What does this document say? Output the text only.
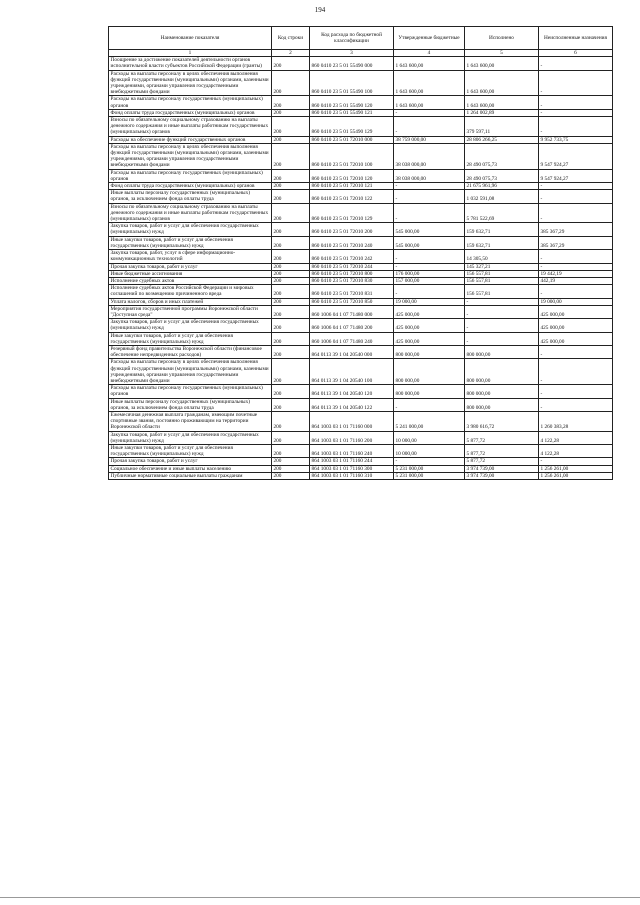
194
Наименование показателя	Код строки	Код расхода по бюджетной классификации	Утвержденные бюджетные	Исполнено	Неисполненные назначения
1	2	3	4	5	6
Поощрение за достижение показателей деятельности органов исполнительной власти субъектов Российской Федерации (гранты)	200	860 0410 23 5 01 55490 000	1 643 600,00	1 643 600,00	-
Расходы на выплаты персоналу в целях обеспечения выполнения функций государственными (муниципальными) органами, казенными учреждениями, органами управления государственными внебюджетными фондами	200	860 0410 23 5 01 55490 100	1 643 600,00	1 643 600,00	-
Расходы на выплаты персоналу государственных (муниципальных) органов	200	860 0410 23 5 01 55490 120	1 643 600,00	1 643 600,00	-
Фонд оплаты труда государственных (муниципальных) органов	200	860 0410 23 5 01 55490 121	-	1 264 002,89	-
Взносы по обязательному социальному страхованию на выплаты денежного содержания и иные выплаты работникам государственных (муниципальных) органов	200	860 0410 23 5 01 55490 129	-	379 597,11	-
Расходы на обеспечение функций государственных органов	200	860 0410 23 5 01 72010 000	38 759 000,00	28 806 266,25	9 952 733,75
Расходы на выплаты персоналу в целях обеспечения выполнения функций государственными (муниципальными) органами, казенными учреждениями, органами управления государственными внебюджетными фондами	200	860 0410 23 5 01 72010 100	38 038 000,00	28 490 075,73	9 547 924,27
Расходы на выплаты персоналу государственных (муниципальных) органов	200	860 0410 23 5 01 72010 120	38 038 000,00	28 490 075,73	9 547 924,27
Фонд оплаты труда государственных (муниципальных) органов	200	860 0410 23 5 01 72010 121	-	21 675 961,96	-
Иные выплаты персоналу государственных (муниципальных) органов, за исключением фонда оплаты труда	200	860 0410 23 5 01 72010 122	-	1 032 591,08	-
Взносы по обязательному социальному страхованию на выплаты денежного содержания и иные выплаты работникам государственных (муниципальных) органов	200	860 0410 23 5 01 72010 129	-	5 781 522,69	-
Закупка товаров, работ и услуг для обеспечения государственных (муниципальных) нужд	200	860 0410 23 5 01 72010 200	545 000,00	159 632,71	385 367,29
Иные закупки товаров, работ и услуг для обеспечения государственных (муниципальных) нужд	200	860 0410 23 5 01 72010 240	545 000,00	159 632,71	385 367,29
Закупка товаров, работ, услуг в сфере информационно-коммуникационных технологий	200	860 0410 23 5 01 72010 242	-	14 305,50	-
Прочая закупка товаров, работ и услуг	200	860 0410 23 5 01 72010 244	-	145 327,21	-
Иные бюджетные ассигнования	200	860 0410 23 5 01 72010 800	176 000,00	156 557,81	19 442,19
Исполнение судебных актов	200	860 0410 23 5 01 72010 830	157 000,00	156 557,81	442,19
Исполнение судебных актов Российской Федерации и мировых соглашений по возмещению причиненного вреда	200	860 0410 23 5 01 72010 831	-	156 557,81	-
Уплата налогов, сборов и иных платежей	200	860 0410 23 5 01 72010 850	19 000,00	-	19 000,00
Мероприятия государственной программы Воронежской области "Доступная среда"	200	860 1006 04 1 07 71480 000	425 000,00	-	425 000,00
Закупка товаров, работ и услуг для обеспечения государственных (муниципальных) нужд	200	860 1006 04 1 07 71480 200	425 000,00	-	425 000,00
Иные закупки товаров, работ и услуг для обеспечения государственных (муниципальных) нужд	200	860 1006 04 1 07 71480 240	425 000,00	-	425 000,00
Резервный фонд правительства Воронежской области (финансовое обеспечение непредвиденных расходов)	200	864 0113 39 1 04 20540 000	800 000,00	800 000,00	-
Расходы на выплаты персоналу в целях обеспечения выполнения функций государственными (муниципальными) органами, казенными учреждениями, органами управления государственными внебюджетными фондами	200	864 0113 39 1 04 20540 100	800 000,00	800 000,00	-
Расходы на выплаты персоналу государственных (муниципальных) органов	200	864 0113 39 1 04 20540 120	800 000,00	800 000,00	-
Иные выплаты персоналу государственных (муниципальных) органов, за исключением фонда оплаты труда	200	864 0113 39 1 04 20540 122	-	800 000,00	-
Ежемесячная денежная выплата гражданам, имеющим почетные спортивные звания, постоянно проживающим на территории Воронежской области	200	864 1003 03 1 01 71160 000	5 241 000,00	3 980 616,72	1 260 383,28
Закупка товаров, работ и услуг для обеспечения государственных (муниципальных) нужд	200	864 1003 03 1 01 71160 200	10 000,00	5 877,72	4 122,28
Иные закупки товаров, работ и услуг для обеспечения государственных (муниципальных) нужд	200	864 1003 03 1 01 71160 240	10 000,00	5 877,72	4 122,28
Прочая закупка товаров, работ и услуг	200	864 1003 03 1 01 71160 244	-	5 877,72	-
Социальное обеспечение и иные выплаты населению	200	864 1003 03 1 01 71160 300	5 231 000,00	3 974 739,00	1 256 261,00
Публичные нормативные социальные выплаты гражданам	200	864 1003 03 1 01 71160 310	5 231 000,00	3 974 739,00	1 256 261,00
